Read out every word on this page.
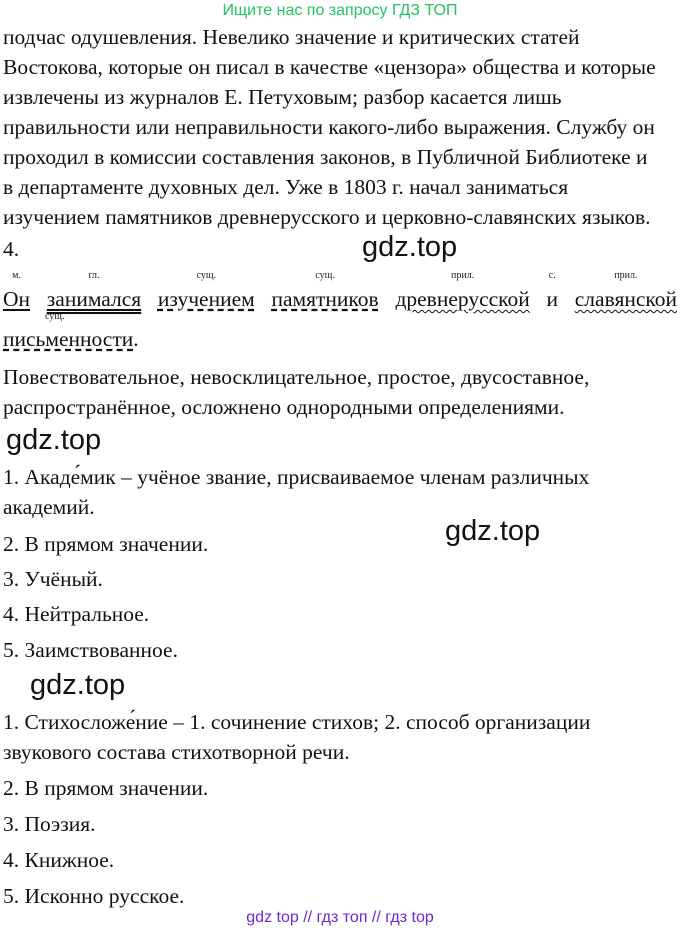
Ищите нас по запросу ГДЗ ТОП

подчас одушевления. Невелико значение и критических статей

Востокова, которые он писал в качестве «цензора» общества и которые

извлечены из журналов Е. Петуховым; разбор касается лишь

правильности или неправильности какого-либо выражения. Службу он

проходил в комиссии составления законов, в Публичной Библиотеке и

в департаменте духовных дел. Уже в 1803 г. начал заниматься

изучением памятников древнерусского и церковно-славянских языков.

4.	gdz.top
м.
Он
гл.
занимался
сущ.
изучением
сущ.
памятников
прил.
древнерусской
с.
и
прил.
славянской
сущ.
письменности.

Повествовательное, невосклицательное, простое, двусоставное,

распространённое, осложнено однородными определениями.

gdz.top

1. Акаде́мик – учёное звание, присваиваемое членам различных

академий.

gdz.top

2. В прямом значении.

3. Учёный.

4. Нейтральное.

5. Заимствованное.

gdz.top

1. Стихосложе́ние – 1. сочинение стихов; 2. способ организации

звукового состава стихотворной речи.

2. В прямом значении.

3. Поэзия.

4. Книжное.

5. Исконно русское.

gdz top // гдз топ // гдз top
